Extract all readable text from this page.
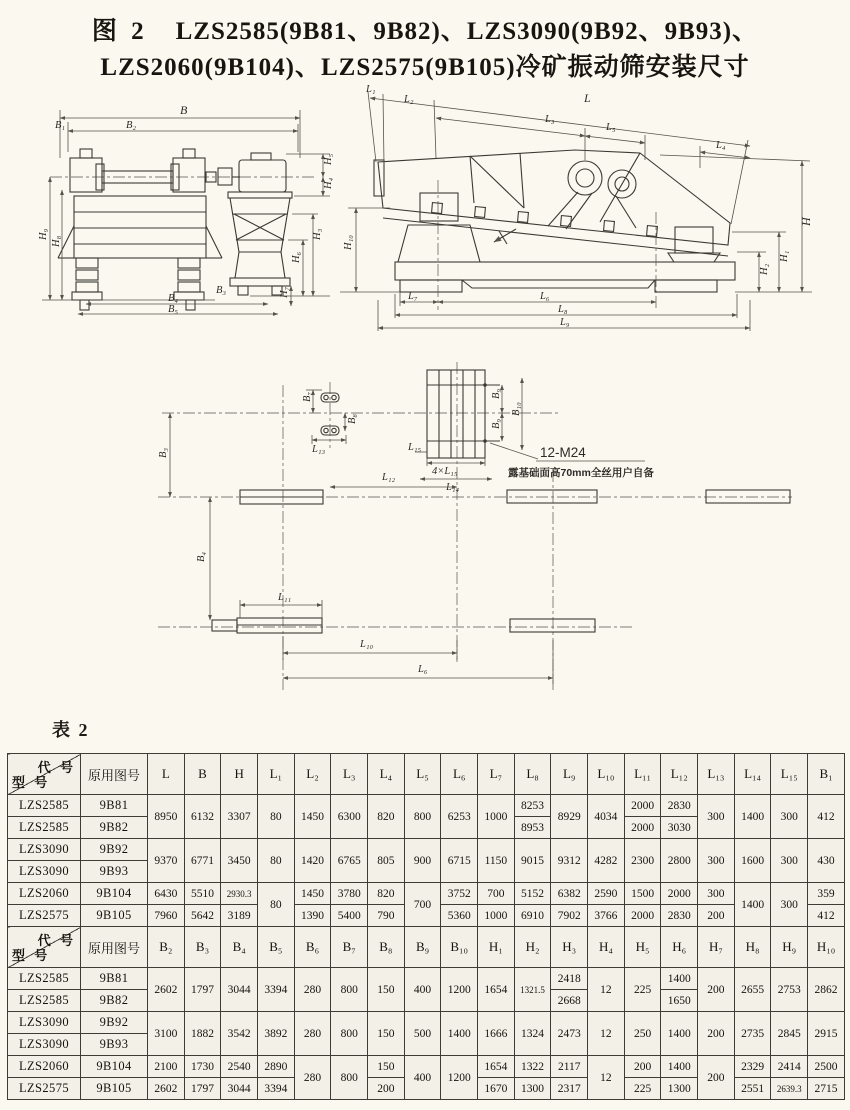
图 2 LZS2585(9B81、9B82)、LZS3090(9B92、9B93)、
LZS2060(9B104)、LZS2575(9B105)冷矿振动筛安装尺寸
B
B₁	B₂
H₉
H₈
H₅
H₄
H₃
H₆
H₇
B₄
B₅
B₃
L₁
L₂	L
L₃
L₅
L₄
H₁₀
H
H₁
H₂
L₇	L₆
L₈
L₉
B₇
B₈
L₁₃	L₁₅
4×L₁₅
L₁₄
B₉
B₉
B₁₀
12-M24
露基础面高70mm全丝用户自备
B₃
B₄
L₁₂
L₁₁
L₁₀
L₆
表 2
代 号
型 号	原用图号	L	B	H	L₁	L₂	L₃	L₄	L₅	L₆	L₇	L₈	L₉	L₁₀	L₁₁	L₁₂	L₁₃	L₁₄	L₁₅	B₁
LZS2585	9B81	8950	6132	3307	80	1450	6300	820	800	6253	1000	8253	8929	4034	2000	2830	300	1400	300	412
LZS2585	9B82											8953			2000	3030				
LZS3090	9B92	9370	6771	3450	80	1420	6765	805	900	6715	1150	9015	9312	4282	2300	2800	300	1600	300	430
LZS3090	9B93																			
LZS2060	9B104	6430	5510	2930.3	80	1450	3780	820	700	3752	700	5152	6382	2590	1500	2000	300	1400	300	359
LZS2575	9B105	7960	5642	3189		1390	5400	790		5360	1000	6910	7902	3766	2000	2830	200			412

代 号
型 号	原用图号	B₂	B₃	B₄	B₅	B₆	B₇	B₈	B₉	B₁₀	H₁	H₂	H₃	H₄	H₅	H₆	H₇	H₈	H₉	H₁₀
LZS2585	9B81	2602	1797	3044	3394	280	800	150	400	1200	1654	1321.5	2418	12	225	1400	200	2655	2753	2862
LZS2585	9B82												2668			1650				
LZS3090	9B92	3100	1882	3542	3892	280	800	150	500	1400	1666	1324	2473	12	250	1400	200	2735	2845	2915
LZS3090	9B93																			
LZS2060	9B104	2100	1730	2540	2890	280	800	150	400	1200	1654	1322	2117	12	200	1400	200	2329	2414	2500
LZS2575	9B105	2602	1797	3044	3394			200			1670	1300	2317		225	1300		2551	2639.3	2715
